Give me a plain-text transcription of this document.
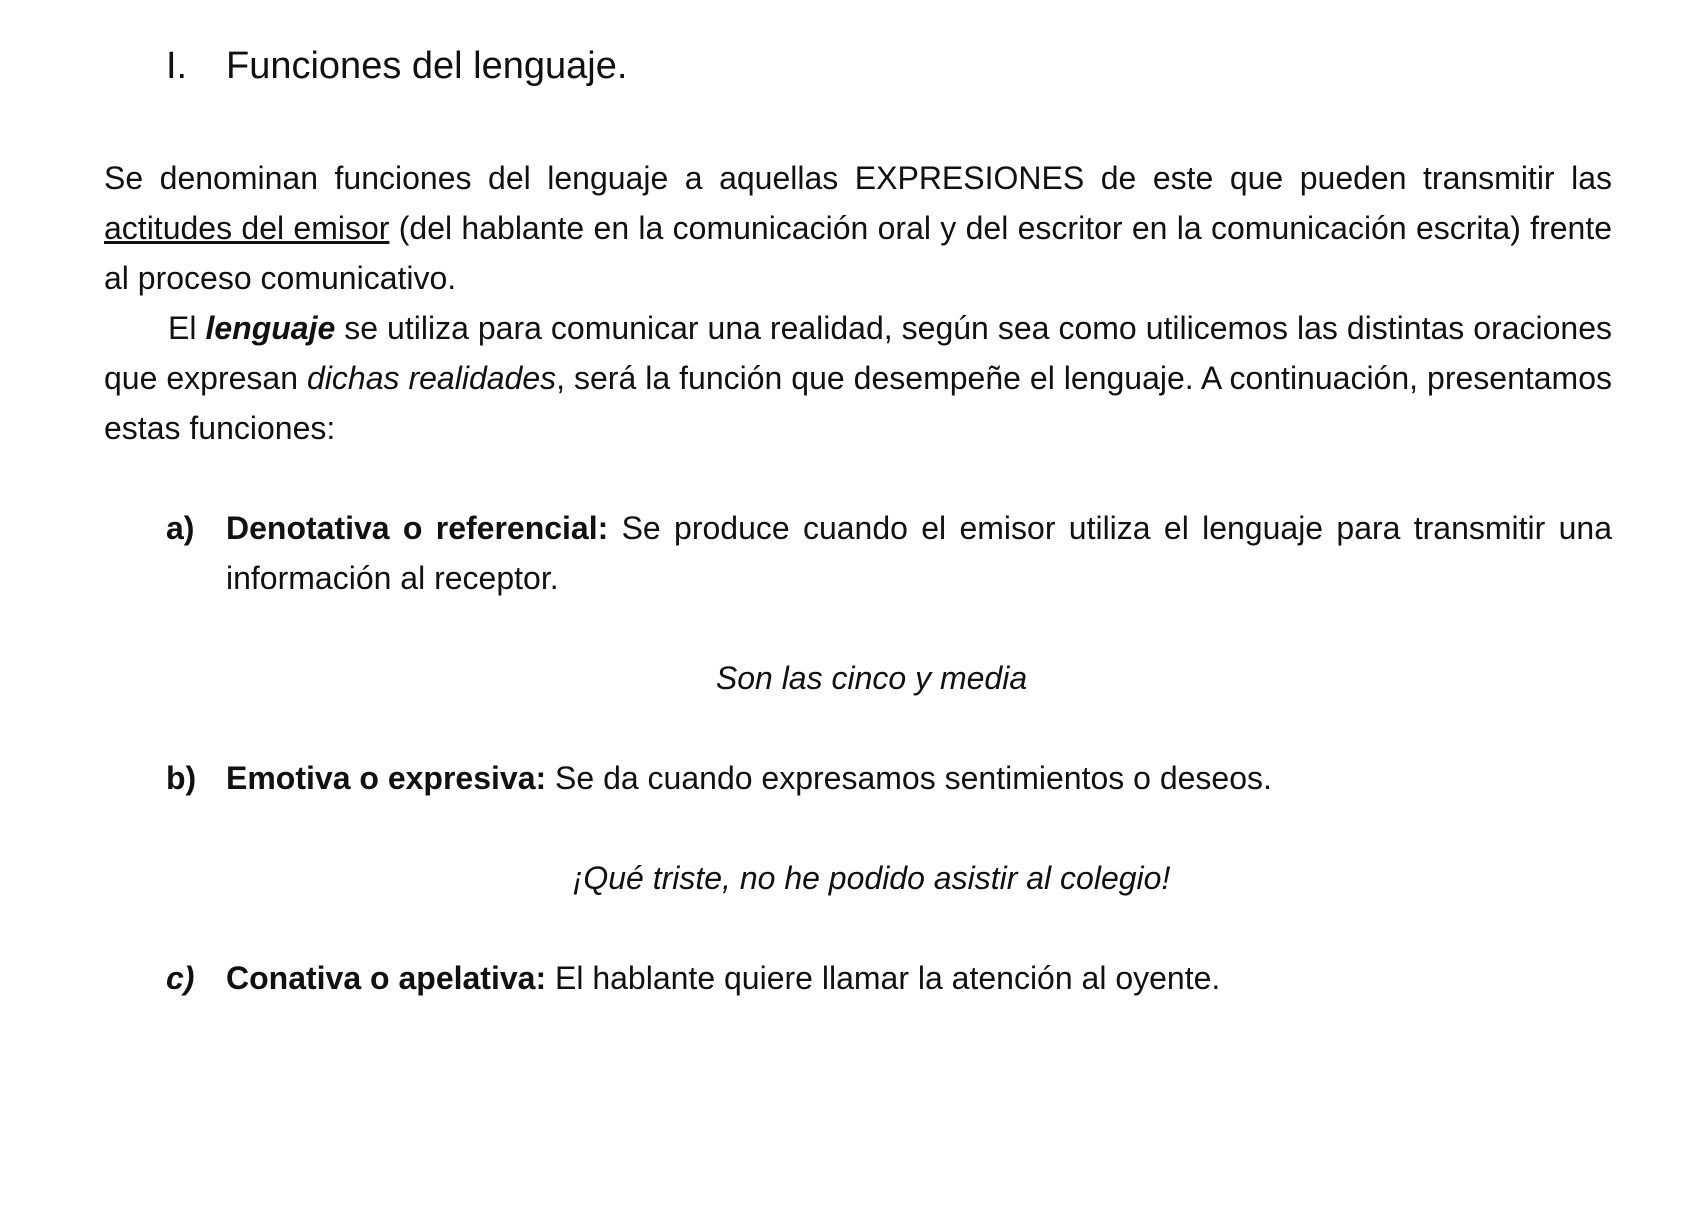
I. Funciones del lenguaje.

Se denominan funciones del lenguaje a aquellas EXPRESIONES de este que pueden transmitir las actitudes del emisor (del hablante en la comunicación oral y del escritor en la comunicación escrita) frente al proceso comunicativo.

El lenguaje se utiliza para comunicar una realidad, según sea como utilicemos las distintas oraciones que expresan dichas realidades, será la función que desempeñe el lenguaje. A continuación, presentamos estas funciones:

a) Denotativa o referencial: Se produce cuando el emisor utiliza el lenguaje para transmitir una información al receptor.
Son las cinco y media
b) Emotiva o expresiva: Se da cuando expresamos sentimientos o deseos.
¡Qué triste, no he podido asistir al colegio!
c) Conativa o apelativa: El hablante quiere llamar la atención al oyente.
